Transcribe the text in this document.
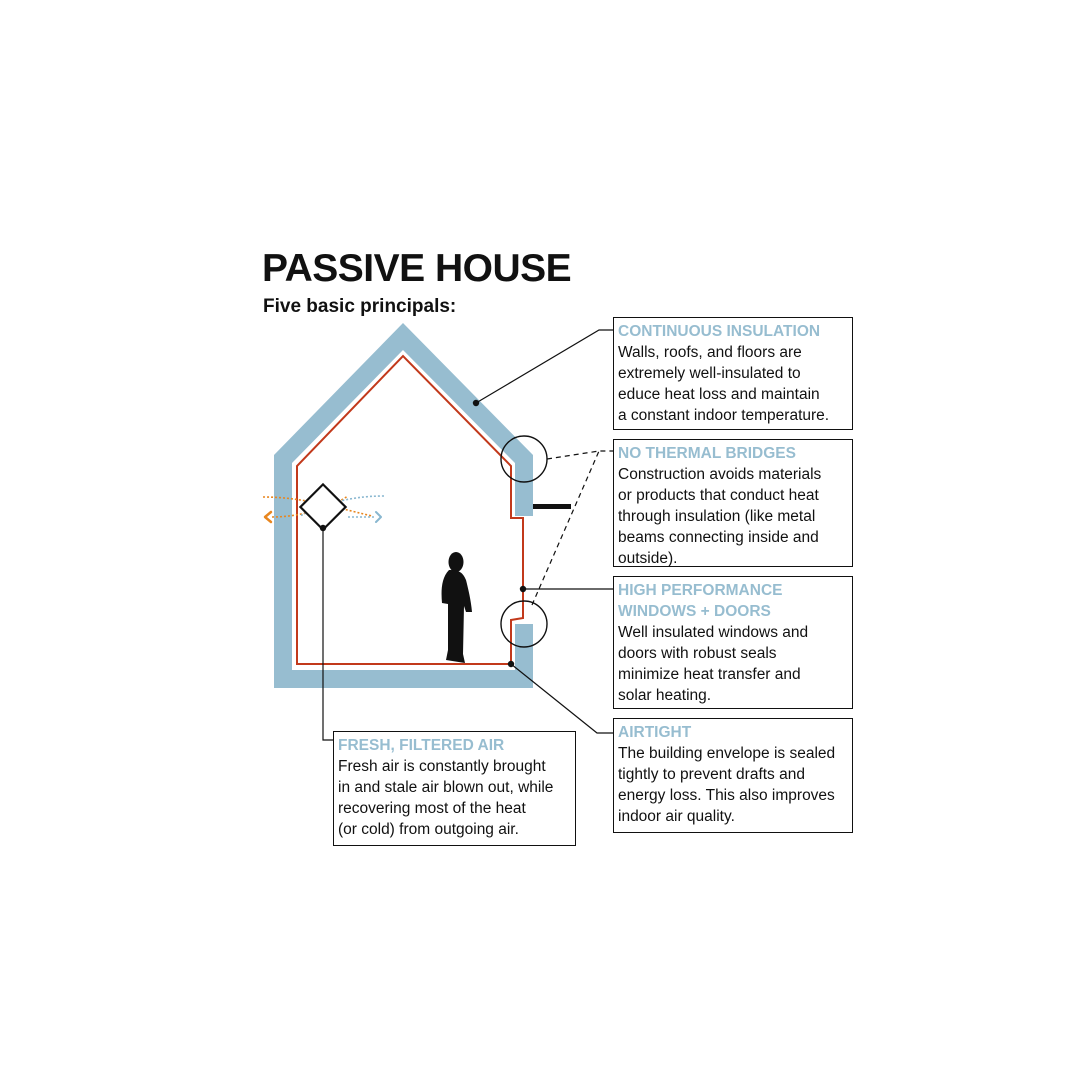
PASSIVE HOUSE
Five basic principals:

CONTINUOUS INSULATION

Walls, roofs, and floors are
extremely well-insulated to
educe heat loss and maintain
a constant indoor temperature.

NO THERMAL BRIDGES

Construction avoids materials
or products that conduct heat
through insulation (like metal
beams connecting inside and
outside).

HIGH PERFORMANCE
WINDOWS + DOORS

Well insulated windows and
doors with robust seals
minimize heat transfer and
solar heating.

AIRTIGHT

The building envelope is sealed
tightly to prevent drafts and
energy loss. This also improves
indoor air quality.

FRESH, FILTERED AIR

Fresh air is constantly brought
in and stale air blown out, while
recovering most of the heat
(or cold) from outgoing air.
